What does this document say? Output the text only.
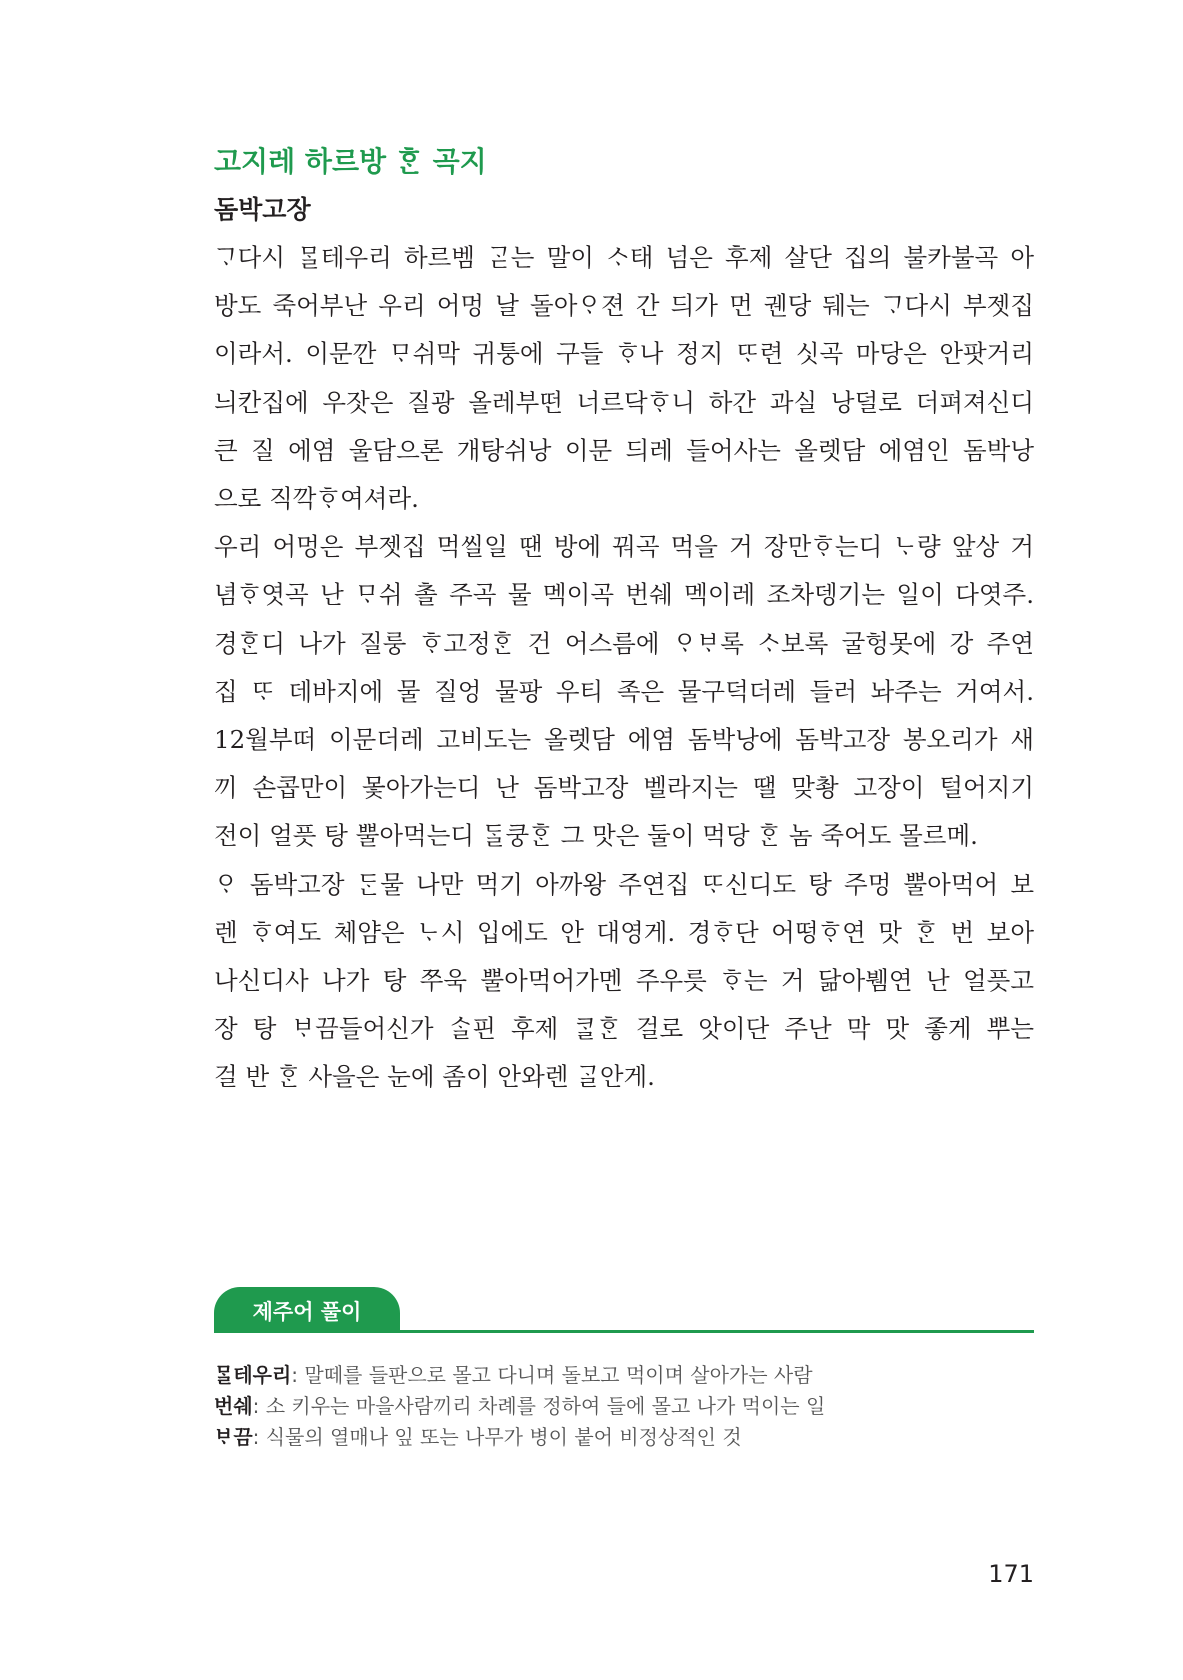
고지레 하르방 ᄒᆞᆫ 곡지
돔박고장

ᄀᆞ다시 ᄆᆞᆯ테우리 하르벰 ᄀᆞᆮ는 말이 ᄉᆞ태 넘은 후제 살단 집의 불카불곡 아
방도 죽어부난 우리 어멍 날 돌아ᄋᆞ젼 간 듸가 먼 궨당 뒈는 ᄀᆞ다시 부젯집
이라서. 이문깐 ᄆᆞ쉬막 귀퉁에 구들 ᄒᆞ나 정지 ᄄᆞ련 싯곡 마당은 안팟거리
늬칸집에 우잣은 질광 올레부떤 너르닥ᄒᆞ니 하간 과실 낭덜로 더펴져신디
큰 질 에염 울담으론 개탕쉬낭 이문 듸레 들어사는 올렛담 에염인 돔박낭
으로 직깍ᄒᆞ여셔라.

우리 어멍은 부젯집 먹씰일 땐 방에 꿔곡 먹을 거 장만ᄒᆞ는디 ᄂᆞ량 앞상 거
념ᄒᆞ엿곡 난 ᄆᆞ쉬 촐 주곡 물 멕이곡 번쉐 멕이레 조차뎅기는 일이 다엿주.
경ᄒᆞᆫ디 나가 질룽 ᄒᆞ고정ᄒᆞᆫ 건 어스름에 ᄋᆞᄇᆞ록 ᄉᆞ보록 굴헝못에 강 주연
집 ᄄᆞ 데바지에 물 질엉 물팡 우티 족은 물구덕더레 들러 놔주는 거여서.
12월부떠 이문더레 고비도는 올렛담 에염 돔박낭에 돔박고장 봉오리가 새
끼 손콥만이 몿아가는디 난 돔박고장 벨라지는 땔 맞촹 고장이 털어지기
전이 얼픗 탕 뿔아먹는디 ᄃᆞᆯ쿵ᄒᆞᆫ 그 맛은 둘이 먹당 ᄒᆞᆫ 놈 죽어도 몰르메.

ᄋᆞ 돔박고장 ᄃᆞᆫ물 나만 먹기 아까왕 주연집 ᄄᆞ신디도 탕 주멍 뿔아먹어 보
렌 ᄒᆞ여도 체얌은 ᄂᆞ시 입에도 안 대영게. 경ᄒᆞ단 어떵ᄒᆞ연 맛 ᄒᆞᆫ 번 보아
나신디사 나가 탕 쭈욱 뿔아먹어가멘 주우릇 ᄒᆞ는 거 닮아뷈연 난 얼픗고
장 탕 ᄇᆞ끔들어신가 ᄉᆞᆯ핀 후제 ᄏᆞᆯᄒᆞᆫ 걸로 앗이단 주난 막 맛 좋게 뿌는
걸 반 ᄒᆞᆫ 사을은 눈에 좀이 안와렌 ᄀᆞᆯ안게.

제주어 풀이
ᄆᆞᆯ테우리: 말떼를 들판으로 몰고 다니며 돌보고 먹이며 살아가는 사람
번쉐: 소 키우는 마을사람끼리 차례를 정하여 들에 몰고 나가 먹이는 일
ᄇᆞ끔: 식물의 열매나 잎 또는 나무가 병이 붙어 비정상적인 것
171
